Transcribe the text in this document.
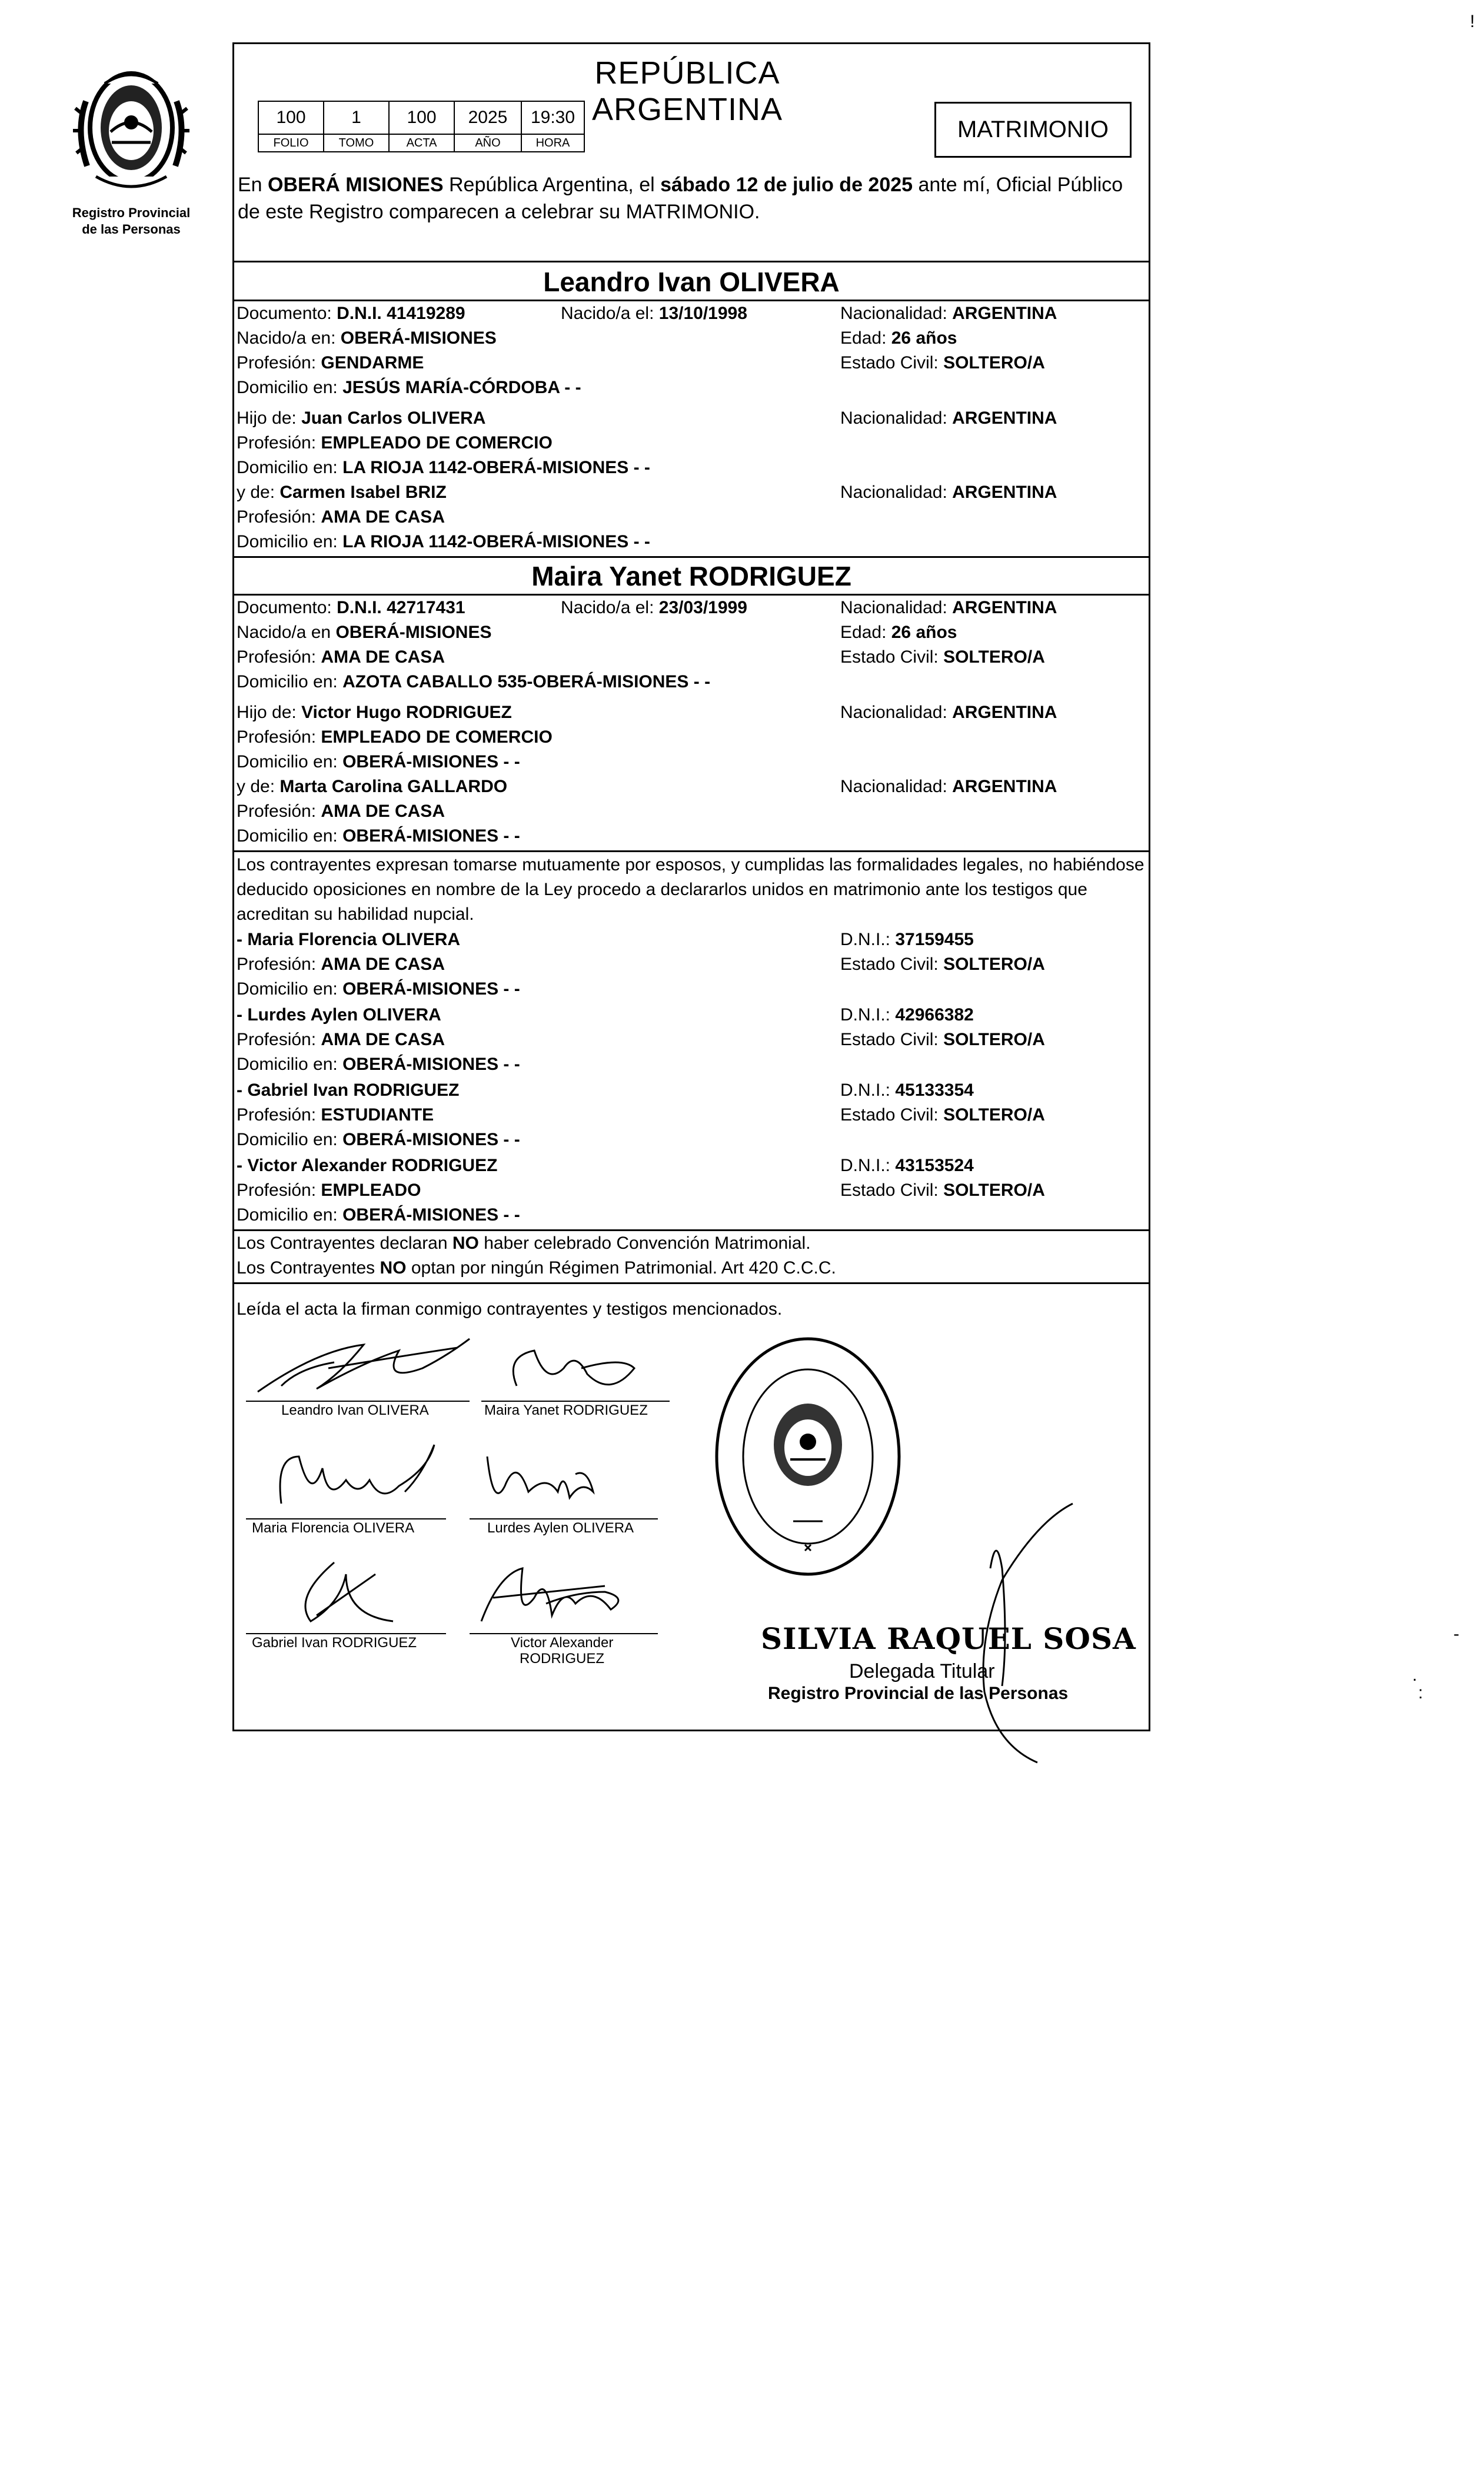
Registro Provincial
de las Personas
REPÚBLICA ARGENTINA
100	1	100	2025	19:30
FOLIO	TOMO	ACTA	AÑO	HORA
MATRIMONIO
En OBERÁ MISIONES República Argentina, el sábado 12 de julio de 2025 ante mí, Oficial Público de este Registro comparecen a celebrar su MATRIMONIO.
Leandro Ivan OLIVERA
Documento: D.N.I. 41419289	Nacido/a el: 13/10/1998	Nacionalidad: ARGENTINA
Nacido/a en: OBERÁ-MISIONES	Edad: 26 años
Profesión: GENDARME	Estado Civil: SOLTERO/A
Domicilio en: JESÚS MARÍA-CÓRDOBA - -
Hijo de: Juan Carlos OLIVERA	Nacionalidad: ARGENTINA
Profesión: EMPLEADO DE COMERCIO
Domicilio en: LA RIOJA 1142-OBERÁ-MISIONES - -
y de: Carmen Isabel BRIZ	Nacionalidad: ARGENTINA
Profesión: AMA DE CASA
Domicilio en: LA RIOJA 1142-OBERÁ-MISIONES - -
Maira Yanet RODRIGUEZ
Documento: D.N.I. 42717431	Nacido/a el: 23/03/1999	Nacionalidad: ARGENTINA
Nacido/a en OBERÁ-MISIONES	Edad: 26 años
Profesión: AMA DE CASA	Estado Civil: SOLTERO/A
Domicilio en: AZOTA CABALLO 535-OBERÁ-MISIONES - -
Hijo de: Victor Hugo RODRIGUEZ	Nacionalidad: ARGENTINA
Profesión: EMPLEADO DE COMERCIO
Domicilio en: OBERÁ-MISIONES - -
y de: Marta Carolina GALLARDO	Nacionalidad: ARGENTINA
Profesión: AMA DE CASA
Domicilio en: OBERÁ-MISIONES - -
Los contrayentes expresan tomarse mutuamente por esposos, y cumplidas las formalidades legales, no habiéndose deducido oposiciones en nombre de la Ley procedo a declararlos unidos en matrimonio ante los testigos que acreditan su habilidad nupcial.
- Maria Florencia OLIVERA	D.N.I.: 37159455
Profesión: AMA DE CASA	Estado Civil: SOLTERO/A
Domicilio en: OBERÁ-MISIONES - -
- Lurdes Aylen OLIVERA	D.N.I.: 42966382
Profesión: AMA DE CASA	Estado Civil: SOLTERO/A
Domicilio en: OBERÁ-MISIONES - -
- Gabriel Ivan RODRIGUEZ	D.N.I.: 45133354
Profesión: ESTUDIANTE	Estado Civil: SOLTERO/A
Domicilio en: OBERÁ-MISIONES - -
- Victor Alexander RODRIGUEZ	D.N.I.: 43153524
Profesión: EMPLEADO	Estado Civil: SOLTERO/A
Domicilio en: OBERÁ-MISIONES - -
Los Contrayentes declaran NO haber celebrado Convención Matrimonial.
Los Contrayentes NO optan por ningún Régimen Patrimonial. Art 420 C.C.C.
Leída el acta la firman conmigo contrayentes y testigos mencionados.
Leandro Ivan OLIVERA	Maira Yanet RODRIGUEZ
Maria Florencia OLIVERA	Lurdes Aylen OLIVERA
Gabriel Ivan RODRIGUEZ	Victor Alexander
RODRIGUEZ
SILVIA RAQUEL SOSA
Delegada Titular
Registro Provincial de las Personas
!
-
.
:
